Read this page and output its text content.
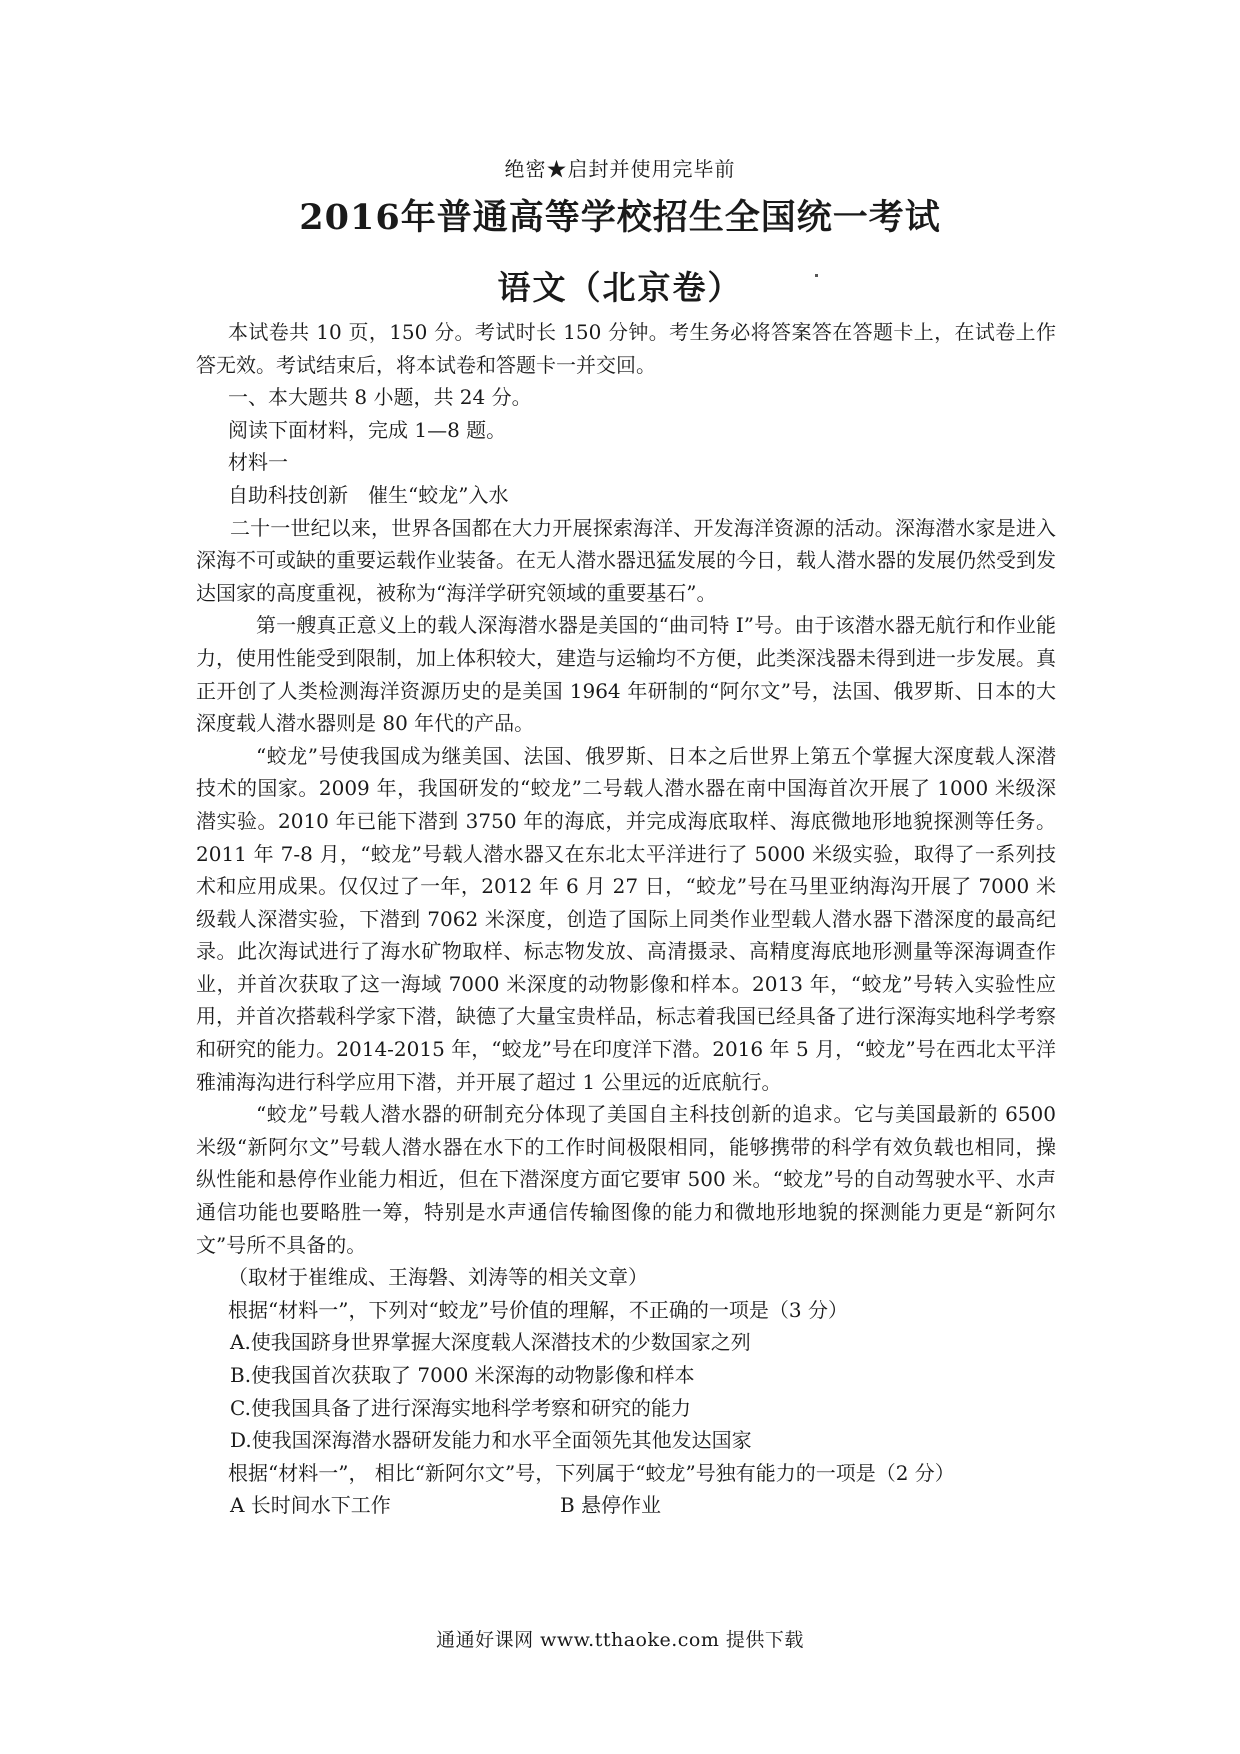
绝密★启封并使用完毕前
2016年普通高等学校招生全国统一考试
语文（北京卷）

本试卷共 10 页，150 分。考试时长 150 分钟。考生务必将答案答在答题卡上，在试卷上作答无效。考试结束后，将本试卷和答题卡一并交回。

一、本大题共 8 小题，共 24 分。

阅读下面材料，完成 1—8 题。

材料一

自助科技创新　催生“蛟龙”入水

二十一世纪以来，世界各国都在大力开展探索海洋、开发海洋资源的活动。深海潜水家是进入深海不可或缺的重要运载作业装备。在无人潜水器迅猛发展的今日，载人潜水器的发展仍然受到发达国家的高度重视，被称为“海洋学研究领域的重要基石”。

第一艘真正意义上的载人深海潜水器是美国的“曲司特 I”号。由于该潜水器无航行和作业能力，使用性能受到限制，加上体积较大，建造与运输均不方便，此类深浅器未得到进一步发展。真正开创了人类检测海洋资源历史的是美国 1964 年研制的“阿尔文”号，法国、俄罗斯、日本的大深度载人潜水器则是 80 年代的产品。

“蛟龙”号使我国成为继美国、法国、俄罗斯、日本之后世界上第五个掌握大深度载人深潜技术的国家。2009 年，我国研发的“蛟龙”二号载人潜水器在南中国海首次开展了 1000 米级深潜实验。2010 年已能下潜到 3750 年的海底，并完成海底取样、海底微地形地貌探测等任务。2011 年 7-8 月，“蛟龙”号载人潜水器又在东北太平洋进行了 5000 米级实验，取得了一系列技术和应用成果。仅仅过了一年，2012 年 6 月 27 日，“蛟龙”号在马里亚纳海沟开展了 7000 米级载人深潜实验，下潜到 7062 米深度，创造了国际上同类作业型载人潜水器下潜深度的最高纪录。此次海试进行了海水矿物取样、标志物发放、高清摄录、高精度海底地形测量等深海调查作业，并首次获取了这一海域 7000 米深度的动物影像和样本。2013 年，“蛟龙”号转入实验性应用，并首次搭载科学家下潜，缺德了大量宝贵样品，标志着我国已经具备了进行深海实地科学考察和研究的能力。2014-2015 年，“蛟龙”号在印度洋下潜。2016 年 5 月，“蛟龙”号在西北太平洋雅浦海沟进行科学应用下潜，并开展了超过 1 公里远的近底航行。

“蛟龙”号载人潜水器的研制充分体现了美国自主科技创新的追求。它与美国最新的 6500 米级“新阿尔文”号载人潜水器在水下的工作时间极限相同，能够携带的科学有效负载也相同，操纵性能和悬停作业能力相近，但在下潜深度方面它要审 500 米。“蛟龙”号的自动驾驶水平、水声通信功能也要略胜一筹，特别是水声通信传输图像的能力和微地形地貌的探测能力更是“新阿尔文”号所不具备的。

（取材于崔维成、王海磐、刘涛等的相关文章）

根据“材料一”，下列对“蛟龙”号价值的理解，不正确的一项是（3 分）

A.使我国跻身世界掌握大深度载人深潜技术的少数国家之列

B.使我国首次获取了 7000 米深海的动物影像和样本

C.使我国具备了进行深海实地科学考察和研究的能力

D.使我国深海潜水器研发能力和水平全面领先其他发达国家

根据“材料一”， 相比“新阿尔文”号，下列属于“蛟龙”号独有能力的一项是（2 分）

A 长时间水下工作	B 悬停作业
通通好课网 www.tthaoke.com 提供下载
